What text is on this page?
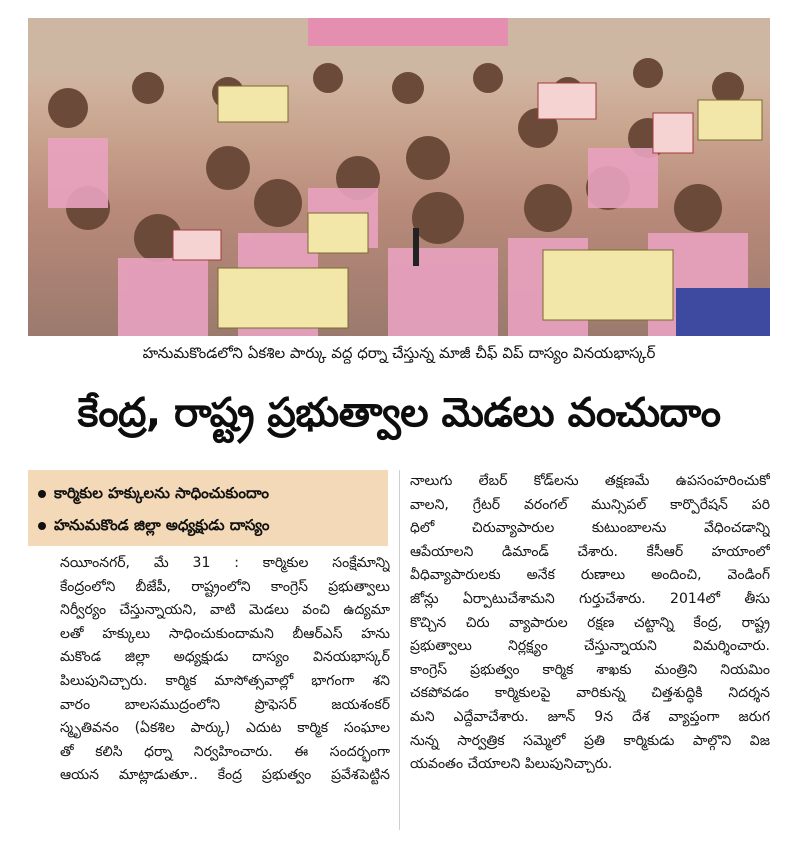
హనుమకొండలోని ఏకశిల పార్కు వద్ద ధర్నా చేస్తున్న మాజీ చీఫ్ విప్ దాస్యం వినయభాస్కర్
కేంద్ర, రాష్ట్ర ప్రభుత్వాల మెడలు వంచుదాం
కార్మికుల హక్కులను సాధించుకుందాం
హనుమకొండ జిల్లా అధ్యక్షుడు దాస్యం
నయీంనగర్, మే 31 : కార్మికుల సంక్షేమాన్ని
కేంద్రంలోని బీజేపీ, రాష్ట్రంలోని కాంగ్రెస్ ప్రభుత్వాలు
నిర్వీర్యం చేస్తున్నాయని, వాటి మెడలు వంచి ఉద్యమా
లతో హక్కులు సాధించుకుందామని బీఆర్ఎస్ హను
మకొండ జిల్లా అధ్యక్షుడు దాస్యం వినయభాస్కర్
పిలుపునిచ్చారు. కార్మిక మాసోత్సవాల్లో భాగంగా శని
వారం బాలసముద్రంలోని ప్రొఫెసర్ జయశంకర్
స్మృతివనం (ఏకశిల పార్కు) ఎదుట కార్మిక సంఘాల
తో కలిసి ధర్నా నిర్వహించారు. ఈ సందర్భంగా
ఆయన మాట్లాడుతూ.. కేంద్ర ప్రభుత్వం ప్రవేశపెట్టిన
నాలుగు లేబర్ కోడ్‌లను తక్షణమే ఉపసంహరించుకో
వాలని, గ్రేటర్ వరంగల్ మున్సిపల్ కార్పొరేషన్ పరి
ధిలో చిరువ్యాపారుల కుటుంబాలను వేధించడాన్ని
ఆపేయాలని డిమాండ్ చేశారు. కేసీఆర్ హయాంలో
వీధివ్యాపారులకు అనేక రుణాలు అందించి, వెండింగ్
జోన్లు ఏర్పాటుచేశామని గుర్తుచేశారు. 2014లో తీసు
కొచ్చిన చిరు వ్యాపారుల రక్షణ చట్టాన్ని కేంద్ర, రాష్ట్ర
ప్రభుత్వాలు నిర్లక్ష్యం చేస్తున్నాయని విమర్శించారు.
కాంగ్రెస్ ప్రభుత్వం కార్మిక శాఖకు మంత్రిని నియమిం
చకపోవడం కార్మికులపై వారికున్న చిత్తశుద్ధికి నిదర్శన
మని ఎద్దేవాచేశారు. జూన్ 9న దేశ వ్యాప్తంగా జరుగ
నున్న సార్వత్రిక సమ్మెలో ప్రతి కార్మికుడు పాల్గొని విజ
యవంతం చేయాలని పిలుపునిచ్చారు.
